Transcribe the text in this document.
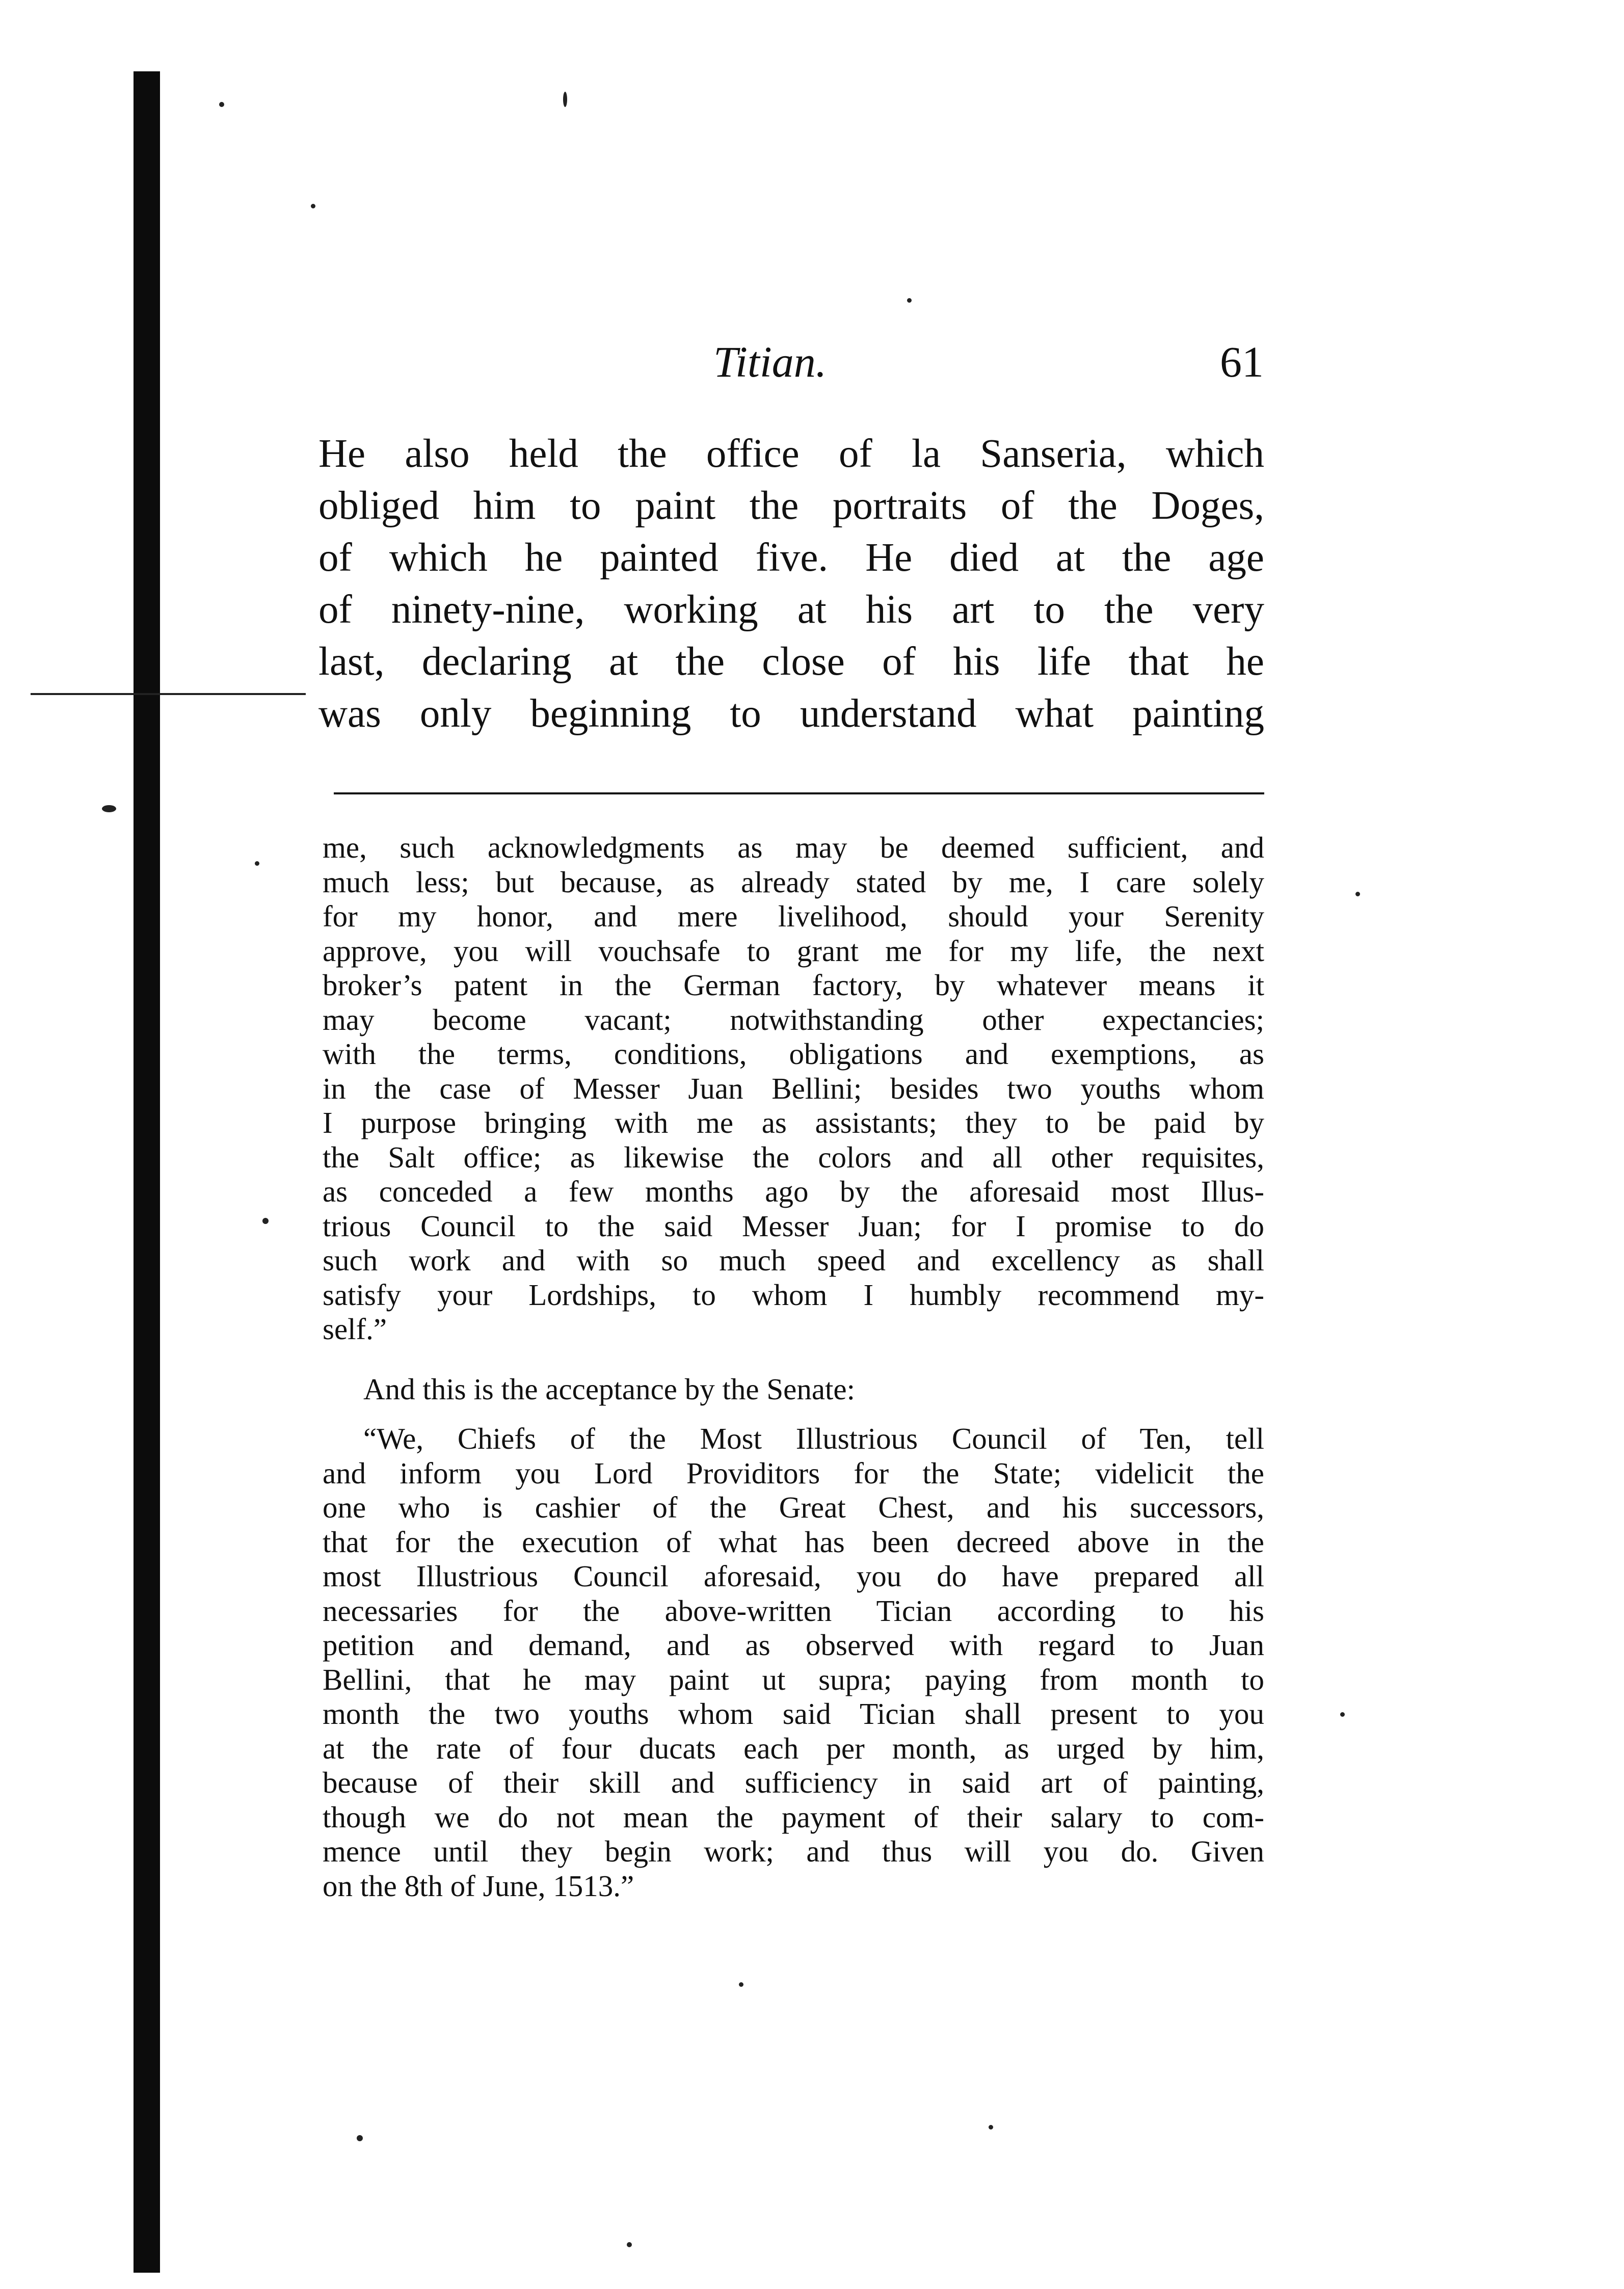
Titian.	61
He also held the office of la Sanseria, which
obliged him to paint the portraits of the Doges,
of which he painted five. He died at the age
of ninety-nine, working at his art to the very
last, declaring at the close of his life that he
was only beginning to understand what painting
me, such acknowledgments as may be deemed sufficient, and
much less; but because, as already stated by me, I care solely
for my honor, and mere livelihood, should your Serenity
approve, you will vouchsafe to grant me for my life, the next
broker’s patent in the German factory, by whatever means it
may become vacant; notwithstanding other expectancies;
with the terms, conditions, obligations and exemptions, as
in the case of Messer Juan Bellini; besides two youths whom
I purpose bringing with me as assistants; they to be paid by
the Salt office; as likewise the colors and all other requisites,
as conceded a few months ago by the aforesaid most Illus-
trious Council to the said Messer Juan; for I promise to do
such work and with so much speed and excellency as shall
satisfy your Lordships, to whom I humbly recommend my-
self.”
And this is the acceptance by the Senate:
“We, Chiefs of the Most Illustrious Council of Ten, tell
and inform you Lord Providitors for the State; videlicit the
one who is cashier of the Great Chest, and his successors,
that for the execution of what has been decreed above in the
most Illustrious Council aforesaid, you do have prepared all
necessaries for the above-written Tician according to his
petition and demand, and as observed with regard to Juan
Bellini, that he may paint ut supra; paying from month to
month the two youths whom said Tician shall present to you
at the rate of four ducats each per month, as urged by him,
because of their skill and sufficiency in said art of painting,
though we do not mean the payment of their salary to com-
mence until they begin work; and thus will you do. Given
on the 8th of June, 1513.”
